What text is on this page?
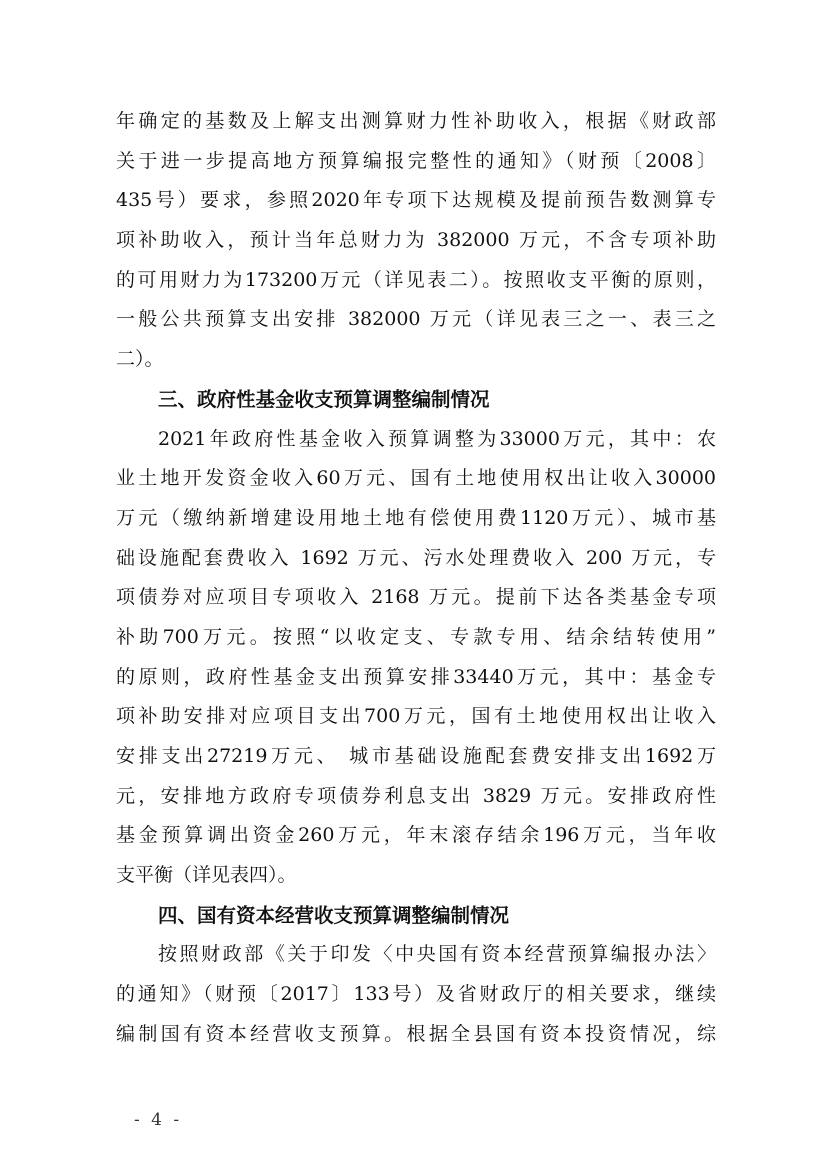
年确定的基数及上解支出测算财力性补助收入，根据《财政部
关于进一步提高地方预算编报完整性的通知》（财预〔2008〕
435号）要求，参照2020年专项下达规模及提前预告数测算专
项补助收入，预计当年总财力为 382000 万元，不含专项补助
的可用财力为173200万元（详见表二）。按照收支平衡的原则，
一般公共预算支出安排 382000 万元（详见表三之一、表三之
二）。
三、政府性基金收支预算调整编制情况
2021年政府性基金收入预算调整为33000万元，其中：农
业土地开发资金收入60万元、国有土地使用权出让收入30000
万元（缴纳新增建设用地土地有偿使用费1120万元）、城市基
础设施配套费收入 1692 万元、污水处理费收入 200 万元，专
项债券对应项目专项收入 2168 万元。提前下达各类基金专项
补助700万元。按照“以收定支、专款专用、结余结转使用”
的原则，政府性基金支出预算安排33440万元，其中：基金专
项补助安排对应项目支出700万元，国有土地使用权出让收入
安排支出27219万元、 城市基础设施配套费安排支出1692万
元，安排地方政府专项债券利息支出 3829 万元。安排政府性
基金预算调出资金260万元，年末滚存结余196万元，当年收
支平衡（详见表四）。
四、国有资本经营收支预算调整编制情况
按照财政部《关于印发〈中央国有资本经营预算编报办法〉
的通知》（财预〔2017〕133号）及省财政厅的相关要求，继续
编制国有资本经营收支预算。根据全县国有资本投资情况，综
- 4 -
